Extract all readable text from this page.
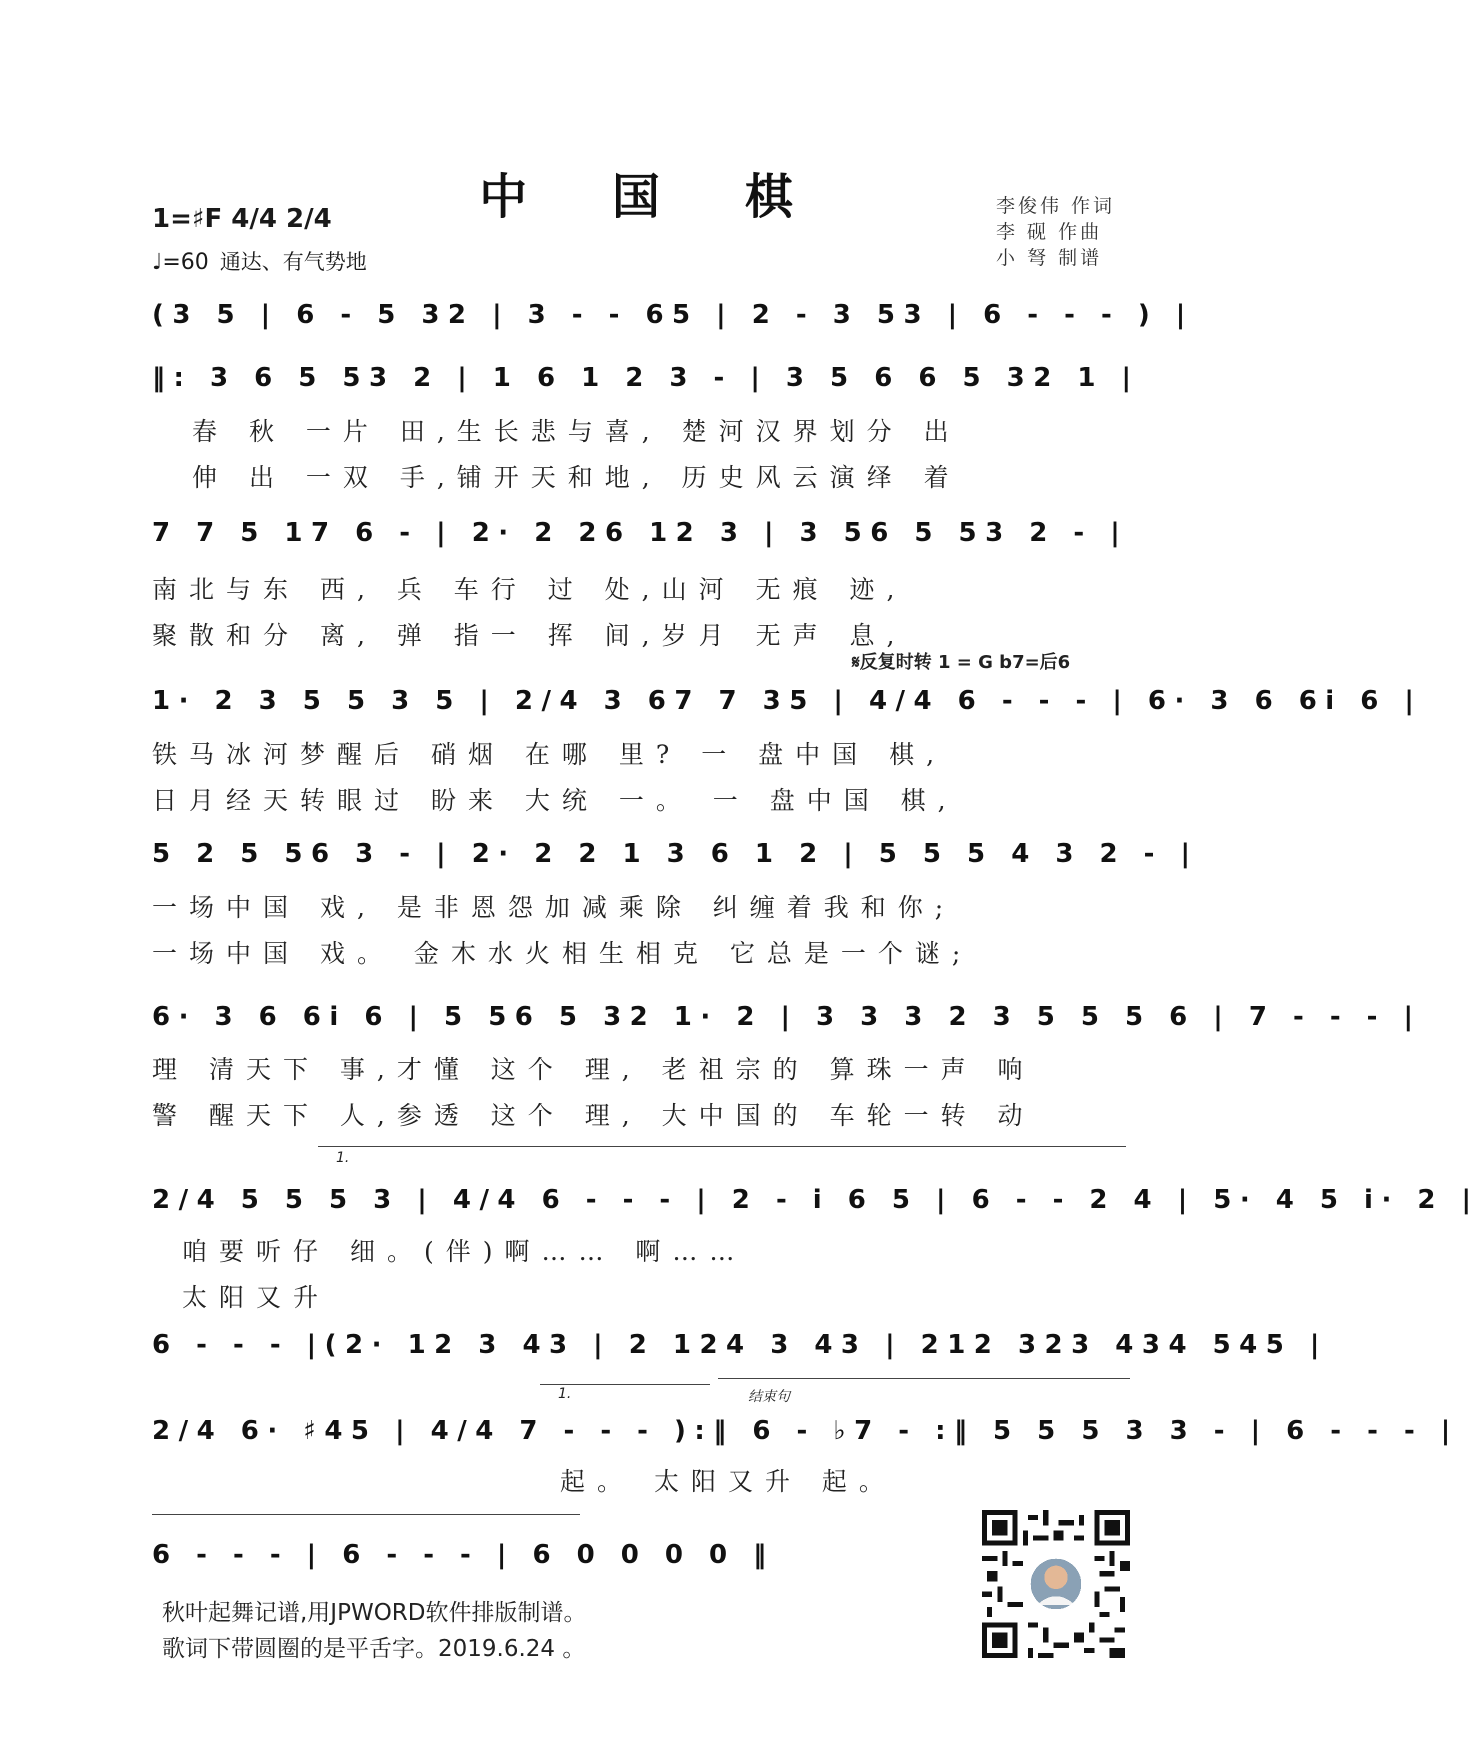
中 国 棋
1=♯F 4/4 2/4
♩=60 通达、有气势地
李俊伟 作词
李 砚 作曲
小 弩 制谱
(3 5 | 6 - 5 32 | 3 - - 65 | 2 - 3 53 | 6 - - - ) |
‖: 3 6 5 53 2 | 1 6 1 2 3 - | 3 5 6 6 5 32 1 |
春 秋 一片 田,生长悲与喜, 楚河汉界划分 出
伸 出 一双 手,铺开天和地, 历史风云演绎 着
7 7 5 17 6 - | 2· 2 26 12 3 | 3 56 5 53 2 - |
南北与东 西, 兵 车行 过 处,山河 无痕 迹,
聚散和分 离, 弹 指一 挥 间,岁月 无声 息,
𝄋反复时转 1 = G b7=后6
1· 2 3 5 5 3 5 | 2/4 3 67 7 35 | 4/4 6 - - - | 6· 3 6 6i 6 |
铁马冰河梦醒后 硝烟 在哪 里? 一 盘中国 棋,
日月经天转眼过 盼来 大统 一。 一 盘中国 棋,
5 2 5 56 3 - | 2· 2 2 1 3 6 1 2 | 5 5 5 4 3 2 - |
一场中国 戏, 是非恩怨加减乘除 纠缠着我和你;
一场中国 戏。 金木水火相生相克 它总是一个谜;
6· 3 6 6i 6 | 5 56 5 32 1· 2 | 3 3 3 2 3 5 5 5 6 | 7 - - - |
理 清天下 事,才懂 这个 理, 老祖宗的 算珠一声 响
警 醒天下 人,参透 这个 理, 大中国的 车轮一转 动
1.
2/4 5 5 5 3 | 4/4 6 - - - | 2 - i 6 5 | 6 - - 2 4 | 5· 4 5 i· 2 |
咱要听仔 细。(伴)啊…… 啊……
太阳又升
6 - - - |(2· 12 3 43 | 2 124 3 43 | 212 323 434 545 |
1.	结束句
2/4 6· ♯45 | 4/4 7 - - - ):‖ 6 - ♭7 - :‖ 5 5 5 3 3 - | 6 - - - |
起。 太阳又升 起。
6 - - - | 6 - - - | 6 0 0 0 0 ‖
秋叶起舞记谱,用JPWORD软件排版制谱。
歌词下带圆圈的是平舌字。2019.6.24 。
